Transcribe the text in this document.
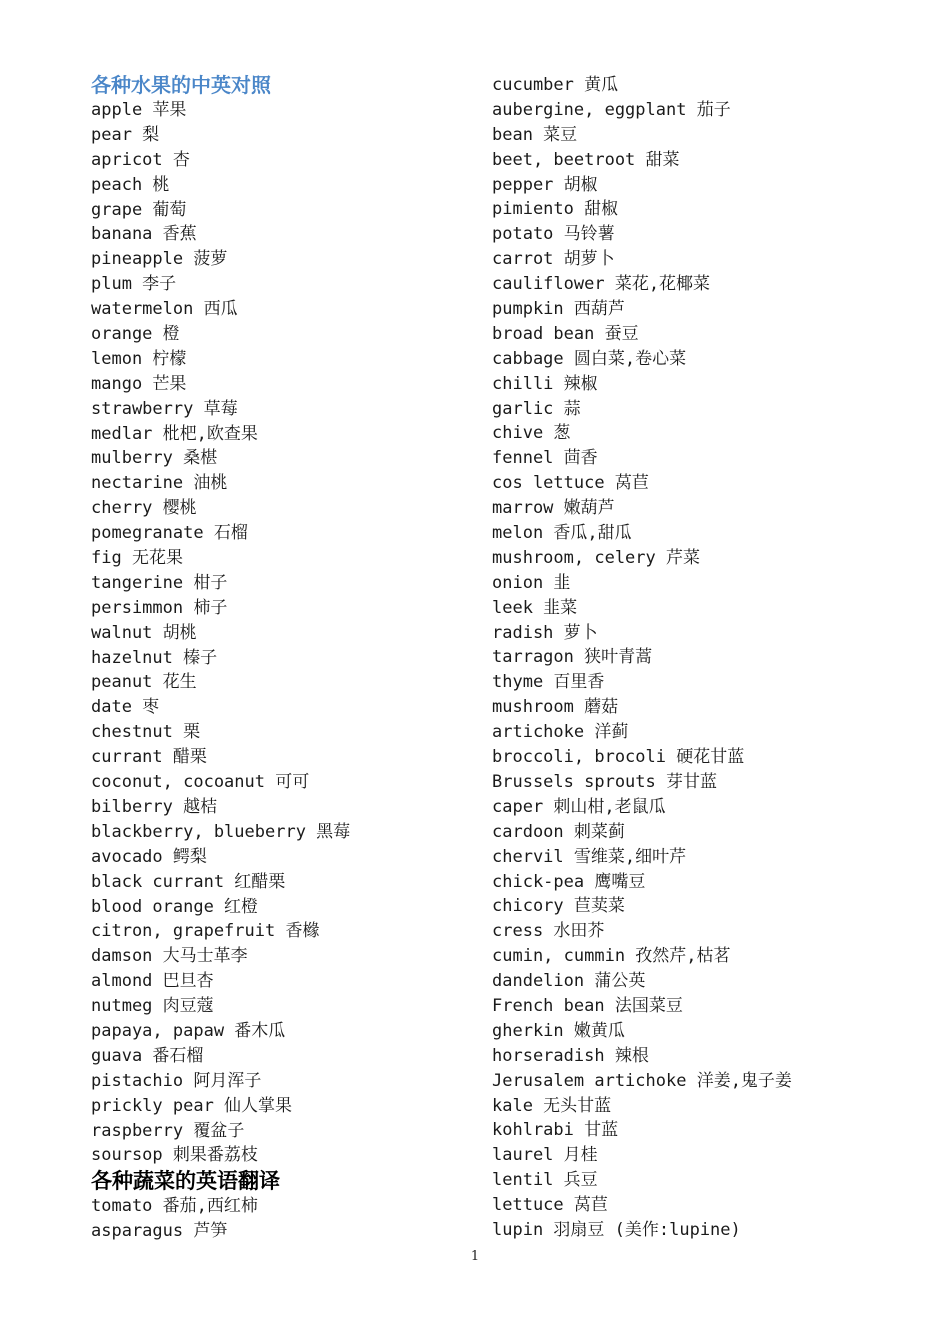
各种水果的中英对照
apple 苹果
pear 梨
apricot 杏
peach 桃
grape 葡萄
banana 香蕉
pineapple 菠萝
plum 李子
watermelon 西瓜
orange 橙
lemon 柠檬
mango 芒果
strawberry 草莓
medlar 枇杷,欧查果
mulberry 桑椹
nectarine 油桃
cherry 樱桃
pomegranate 石榴
fig 无花果
tangerine 柑子
persimmon 柿子
walnut 胡桃
hazelnut 榛子
peanut 花生
date 枣
chestnut 栗
currant 醋栗
coconut, cocoanut 可可
bilberry 越桔
blackberry, blueberry 黑莓
avocado 鳄梨
black currant 红醋栗
blood orange 红橙
citron, grapefruit 香橼
damson 大马士革李
almond 巴旦杏
nutmeg 肉豆蔻
papaya, papaw 番木瓜
guava 番石榴
pistachio 阿月浑子
prickly pear 仙人掌果
raspberry 覆盆子
soursop 刺果番荔枝
各种蔬菜的英语翻译
tomato 番茄,西红柿
asparagus 芦笋
cucumber 黄瓜
aubergine, eggplant 茄子
bean 菜豆
beet, beetroot 甜菜
pepper 胡椒
pimiento 甜椒
potato 马铃薯
carrot 胡萝卜
cauliflower 菜花,花椰菜
pumpkin 西葫芦
broad bean 蚕豆
cabbage 圆白菜,卷心菜
chilli 辣椒
garlic 蒜
chive 葱
fennel 茴香
cos lettuce 莴苣
marrow 嫩葫芦
melon 香瓜,甜瓜
mushroom, celery 芹菜
onion 韭
leek 韭菜
radish 萝卜
tarragon 狭叶青蒿
thyme 百里香
mushroom 蘑菇
artichoke 洋蓟
broccoli, brocoli 硬花甘蓝
Brussels sprouts 芽甘蓝
caper 刺山柑,老鼠瓜
cardoon 刺菜蓟
chervil 雪维菜,细叶芹
chick-pea 鹰嘴豆
chicory 苣荬菜
cress 水田芥
cumin, cummin 孜然芹,枯茗
dandelion 蒲公英
French bean 法国菜豆
gherkin 嫩黄瓜
horseradish 辣根
Jerusalem artichoke 洋姜,鬼子姜
kale 无头甘蓝
kohlrabi 甘蓝
laurel 月桂
lentil 兵豆
lettuce 莴苣
lupin 羽扇豆 (美作:lupine)
1
